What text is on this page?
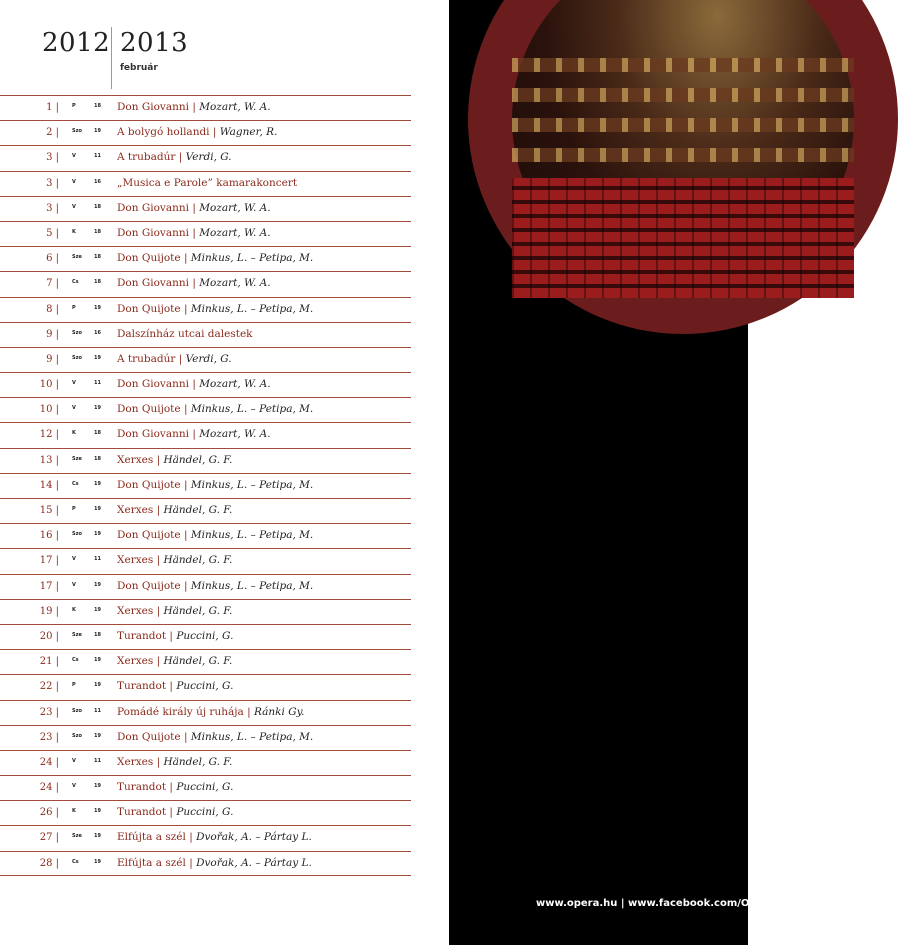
www.opera.hu | www.facebook.com/Operahaz
2012 2013
február
1 |	P	18 Don Giovanni | Mozart, W. A.
2 |	Szo 19 A bolygó hollandi | Wagner, R.
3 |	V	11 A trubadúr | Verdi, G.
3 |	V	16 „Musica e Parole” kamarakoncert
3 |	V	18 Don Giovanni | Mozart, W. A.
5 |	K	18 Don Giovanni | Mozart, W. A.
6 |	Sze 18 Don Quijote | Minkus, L. – Petipa, M.
7 |	Cs	18 Don Giovanni | Mozart, W. A.
8 |	P	19 Don Quijote | Minkus, L. – Petipa, M.
9 |	Szo 16 Dalszínház utcai dalestek
9 |	Szo 19 A trubadúr | Verdi, G.
10 |	V	11 Don Giovanni | Mozart, W. A.
10 |	V	19 Don Quijote | Minkus, L. – Petipa, M.
12 |	K	18 Don Giovanni | Mozart, W. A.
13 |	Sze 18 Xerxes | Händel, G. F.
14 |	Cs	19 Don Quijote | Minkus, L. – Petipa, M.
15 |	P	19 Xerxes | Händel, G. F.
16 |	Szo 19 Don Quijote | Minkus, L. – Petipa, M.
17 |	V	11 Xerxes | Händel, G. F.
17 |	V	19 Don Quijote | Minkus, L. – Petipa, M.
19 |	K	19 Xerxes | Händel, G. F.
20 |	Sze 18 Turandot | Puccini, G.
21 |	Cs	19 Xerxes | Händel, G. F.
22 |	P	19 Turandot | Puccini, G.
23 |	Szo 11 Pomádé király új ruhája | Ránki Gy.
23 |	Szo 19 Don Quijote | Minkus, L. – Petipa, M.
24 |	V	11 Xerxes | Händel, G. F.
24 |	V	19 Turandot | Puccini, G.
26 |	K	19 Turandot | Puccini, G.
27 |	Sze 19 Elfújta a szél | Dvořak, A. – Pártay L.
28 |	Cs	19 Elfújta a szél | Dvořak, A. – Pártay L.
